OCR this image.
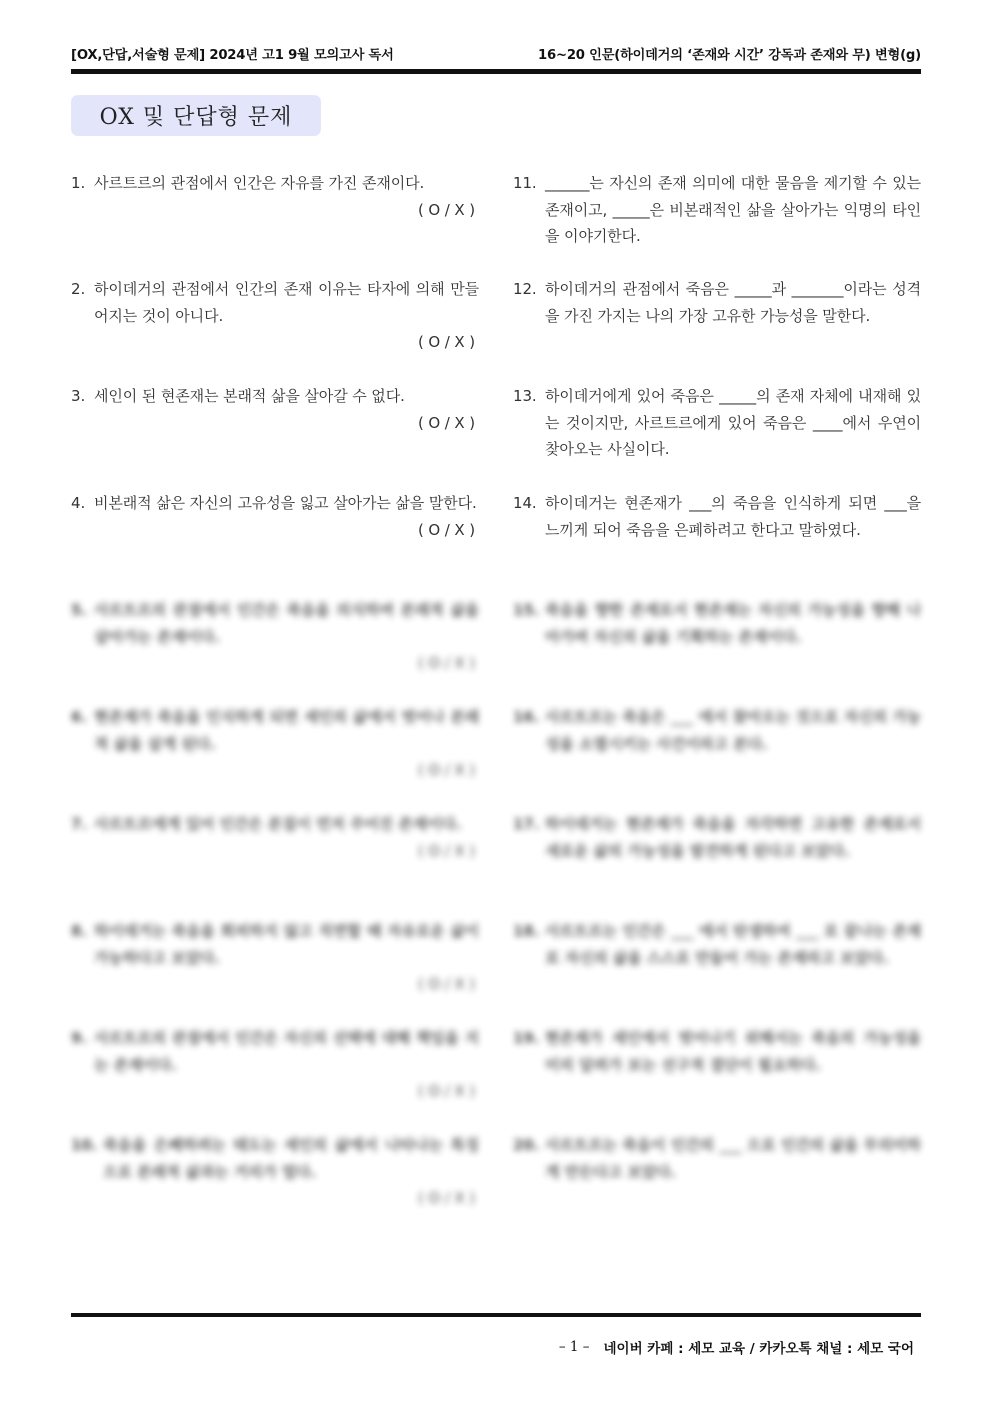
[OX,단답,서술형 문제] 2024년 고1 9월 모의고사 독서	16~20 인문(하이데거의 ‘존재와 시간’ 강독과 존재와 무) 변형(g)
OX 및 단답형 문제
1. 사르트르의 관점에서 인간은 자유를 가진 존재이다.
( O / X )
2. 하이데거의 관점에서 인간의 존재 이유는 타자에 의해 만들어지는 것이 아니다.
( O / X )
3. 세인이 된 현존재는 본래적 삶을 살아갈 수 없다.
( O / X )
4. 비본래적 삶은 자신의 고유성을 잃고 살아가는 삶을 말한다.
( O / X )
5. 사르트르의 관점에서 인간은 죽음을 의식하며 본래적 삶을 살아가는 존재이다.
( O / X )
6. 현존재가 죽음을 인식하게 되면 세인의 삶에서 벗어나 본래적 삶을 살게 된다.
( O / X )
7. 사르트르에게 있어 인간은 본질이 먼저 주어진 존재이다.
( O / X )
8. 하이데거는 죽음을 회피하지 않고 직면할 때 자유로운 삶이 가능하다고 보았다.
( O / X )
9. 사르트르의 관점에서 인간은 자신의 선택에 대해 책임을 지는 존재이다.
( O / X )
10. 죽음을 은폐하려는 태도는 세인의 삶에서 나타나는 특징으로 본래적 삶과는 거리가 멀다.
( O / X )
11. ______는 자신의 존재 의미에 대한 물음을 제기할 수 있는 존재이고, _____은 비본래적인 삶을 살아가는 익명의 타인을 이야기한다.
12. 하이데거의 관점에서 죽음은 _____과 _______이라는 성격을 가진 가지는 나의 가장 고유한 가능성을 말한다.
13. 하이데거에게 있어 죽음은 _____의 존재 자체에 내재해 있는 것이지만, 사르트르에게 있어 죽음은 ____에서 우연이 찾아오는 사실이다.
14. 하이데거는 현존재가 ___의 죽음을 인식하게 되면 ___을 느끼게 되어 죽음을 은폐하려고 한다고 말하였다.
15. 죽음을 향한 존재로서 현존재는 자신의 가능성을 향해 나아가며 자신의 삶을 기획하는 존재이다.
16. 사르트르는 죽음은 ___ 에서 찾아오는 것으로 자신의 가능성을 소멸시키는 사건이라고 본다.
17. 하이데거는 현존재가 죽음을 자각하면 고유한 존재로서 새로운 삶의 가능성을 발견하게 된다고 보았다.
18. 사르트르는 인간은 ___ 에서 탄생하여 ___ 로 끝나는 존재로 자신의 삶을 스스로 만들어 가는 존재라고 보았다.
19. 현존재가 세인에서 벗어나기 위해서는 죽음의 가능성을 미리 달려가 보는 선구적 결단이 필요하다.
20. 사르트르는 죽음이 인간의 ___ 으로 인간의 삶을 무의미하게 만든다고 보았다.
– 1 – 네이버 카페 : 세모 교육 / 카카오톡 채널 : 세모 국어
